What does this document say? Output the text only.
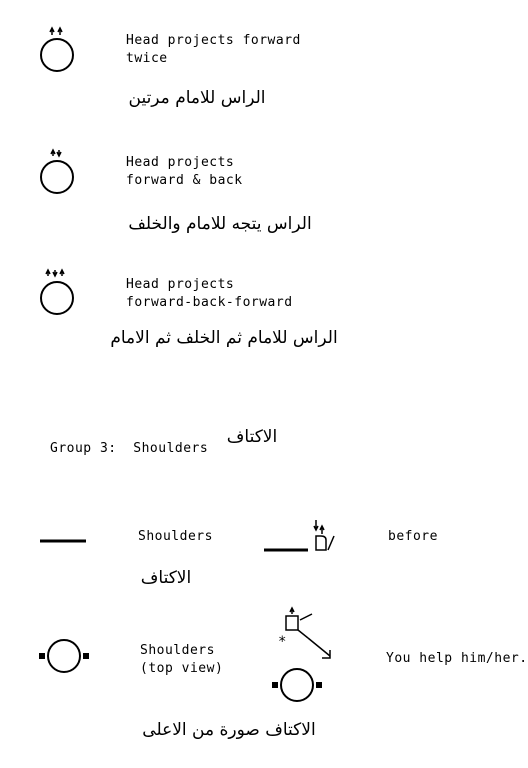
Head projects forward
twice
الراس للامام مرتين
Head projects
forward & back
الراس يتجه للامام والخلف
Head projects
forward-back-forward
الراس للامام ثم الخلف ثم الامام
Group 3:  Shoulders
الاكتاف
Shoulders
الاكتاف
before
Shoulders
(top view)
الاكتاف صورة من الاعلى
*
You help him/her.
